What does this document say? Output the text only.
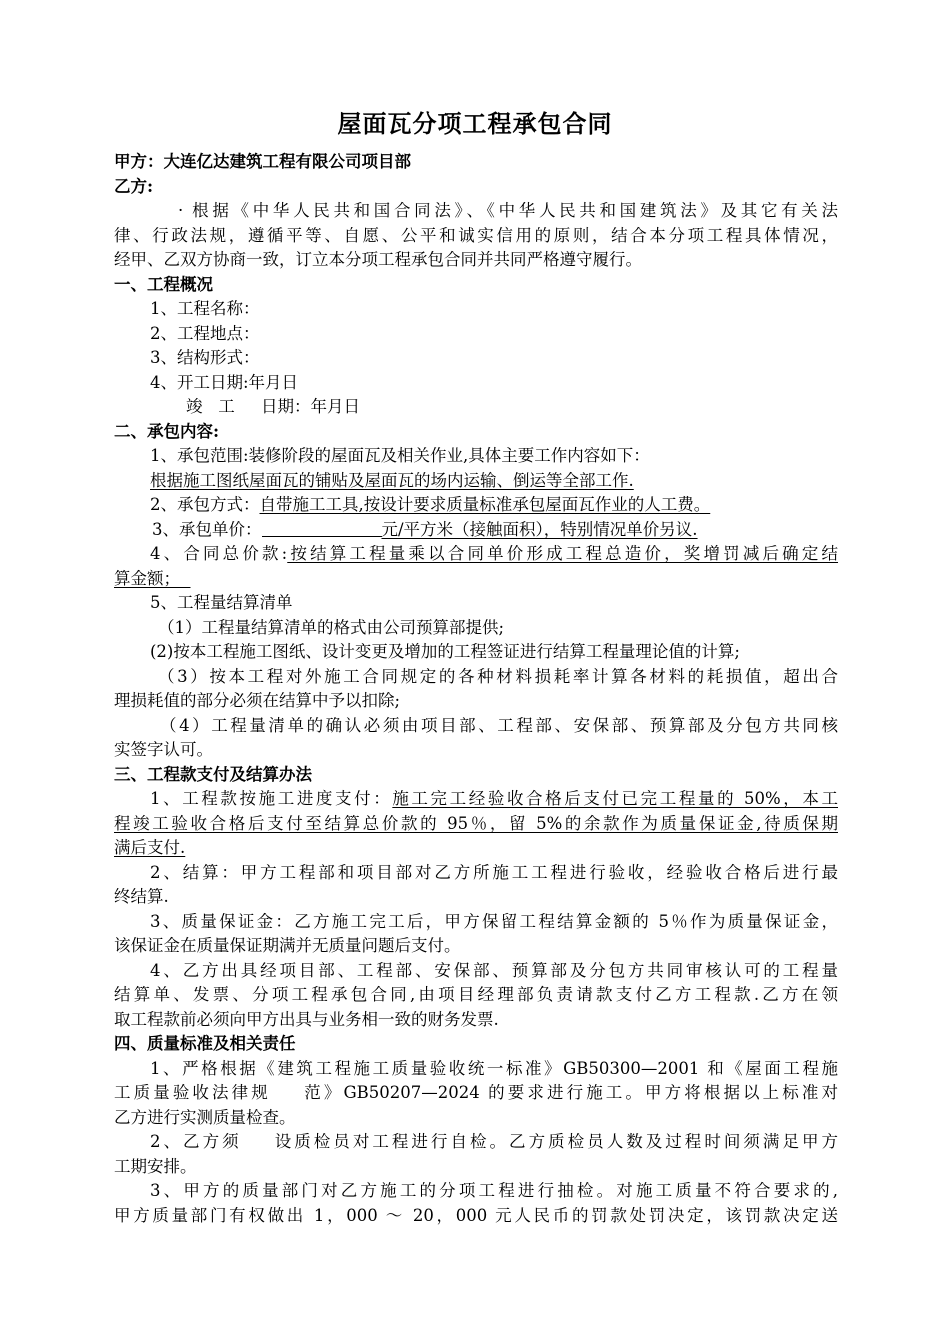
屋面瓦分项工程承包合同
甲方：大连亿达建筑工程有限公司项目部
乙方:
· 根据《中华人民共和国合同法》、《中华人民共和国建筑法》及其它有关法
律、行政法规，遵循平等、自愿、公平和诚实信用的原则，结合本分项工程具体情况，
经甲、乙双方协商一致，订立本分项工程承包合同并共同严格遵守履行。
一、工程概况
1、工程名称：
2、工程地点：
3、结构形式：
4、开工日期:年月日
竣   工     日期：年月日
二、承包内容:
1、承包范围:装修阶段的屋面瓦及相关作业,具体主要工作内容如下：
根据施工图纸屋面瓦的铺贴及屋面瓦的场内运输、倒运等全部工作.
2、承包方式：自带施工工具,按设计要求质量标准承包屋面瓦作业的人工费。
3、承包单价：	元/平方米（接触面积），特别情况单价另议.
4、合同总价款:按结算工程量乘以合同单价形成工程总造价，奖增罚减后确定结
算金额；
5、工程量结算清单
（1）工程量结算清单的格式由公司预算部提供;
(2)按本工程施工图纸、设计变更及增加的工程签证进行结算工程量理论值的计算;
（3）按本工程对外施工合同规定的各种材料损耗率计算各材料的耗损值，超出合
理损耗值的部分必须在结算中予以扣除;
（4）工程量清单的确认必须由项目部、工程部、安保部、预算部及分包方共同核
实签字认可。
三、工程款支付及结算办法
1、工程款按施工进度支付：施工完工经验收合格后支付已完工程量的 50%，本工
程竣工验收合格后支付至结算总价款的 95％，留 5%的余款作为质量保证金,待质保期
满后支付.
2、结算：甲方工程部和项目部对乙方所施工工程进行验收，经验收合格后进行最
终结算.
3、质量保证金：乙方施工完工后，甲方保留工程结算金额的 5％作为质量保证金，
该保证金在质量保证期满并无质量问题后支付。
4、乙方出具经项目部、工程部、安保部、预算部及分包方共同审核认可的工程量
结算单、发票、分项工程承包合同,由项目经理部负责请款支付乙方工程款.乙方在领
取工程款前必须向甲方出具与业务相一致的财务发票.
四、质量标准及相关责任
1、严格根据《建筑工程施工质量验收统一标准》GB50300—2001 和《屋面工程施
工质量验收法律规    范》GB50207—2024 的要求进行施工。甲方将根据以上标准对
乙方进行实测质量检查。
2、乙方须    设质检员对工程进行自检。乙方质检员人数及过程时间须满足甲方
工期安排。
3、甲方的质量部门对乙方施工的分项工程进行抽检。对施工质量不符合要求的,
甲方质量部门有权做出 1，000 ～ 20，000 元人民币的罚款处罚决定，该罚款决定送
